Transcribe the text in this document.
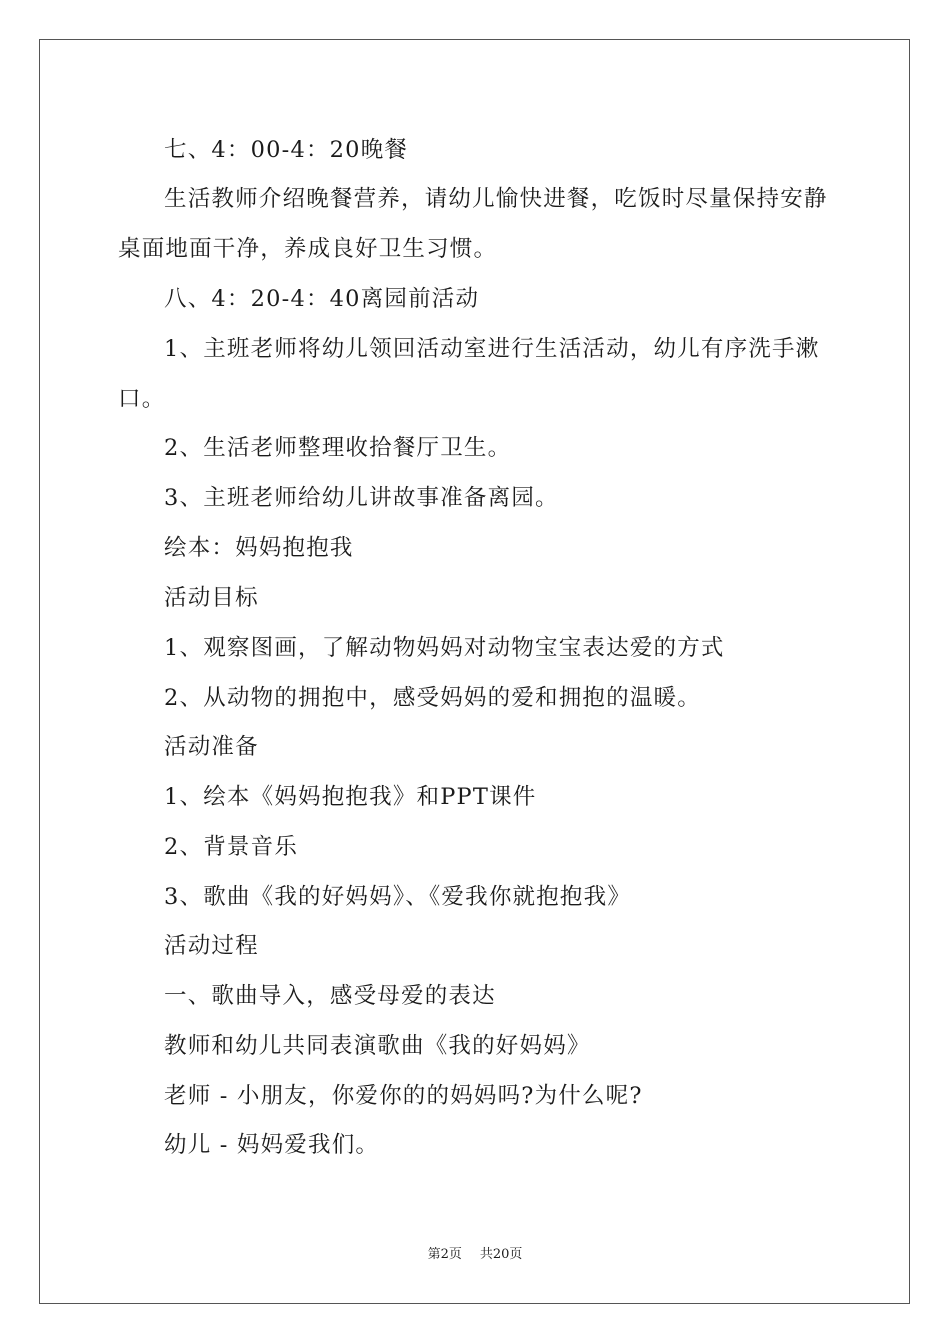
七、4：00-4：20晚餐
生活教师介绍晚餐营养，请幼儿愉快进餐，吃饭时尽量保持安静
桌面地面干净，养成良好卫生习惯。
八、4：20-4：40离园前活动
1、主班老师将幼儿领回活动室进行生活活动，幼儿有序洗手漱
口。
2、生活老师整理收拾餐厅卫生。
3、主班老师给幼儿讲故事准备离园。
绘本：妈妈抱抱我
活动目标
1、观察图画，了解动物妈妈对动物宝宝表达爱的方式
2、从动物的拥抱中，感受妈妈的爱和拥抱的温暖。
活动准备
1、绘本《妈妈抱抱我》和PPT课件
2、背景音乐
3、歌曲《我的好妈妈》、《爱我你就抱抱我》
活动过程
一、歌曲导入，感受母爱的表达
教师和幼儿共同表演歌曲《我的好妈妈》
老师 - 小朋友，你爱你的的妈妈吗?为什么呢?
幼儿 - 妈妈爱我们。
第2页 共20页
